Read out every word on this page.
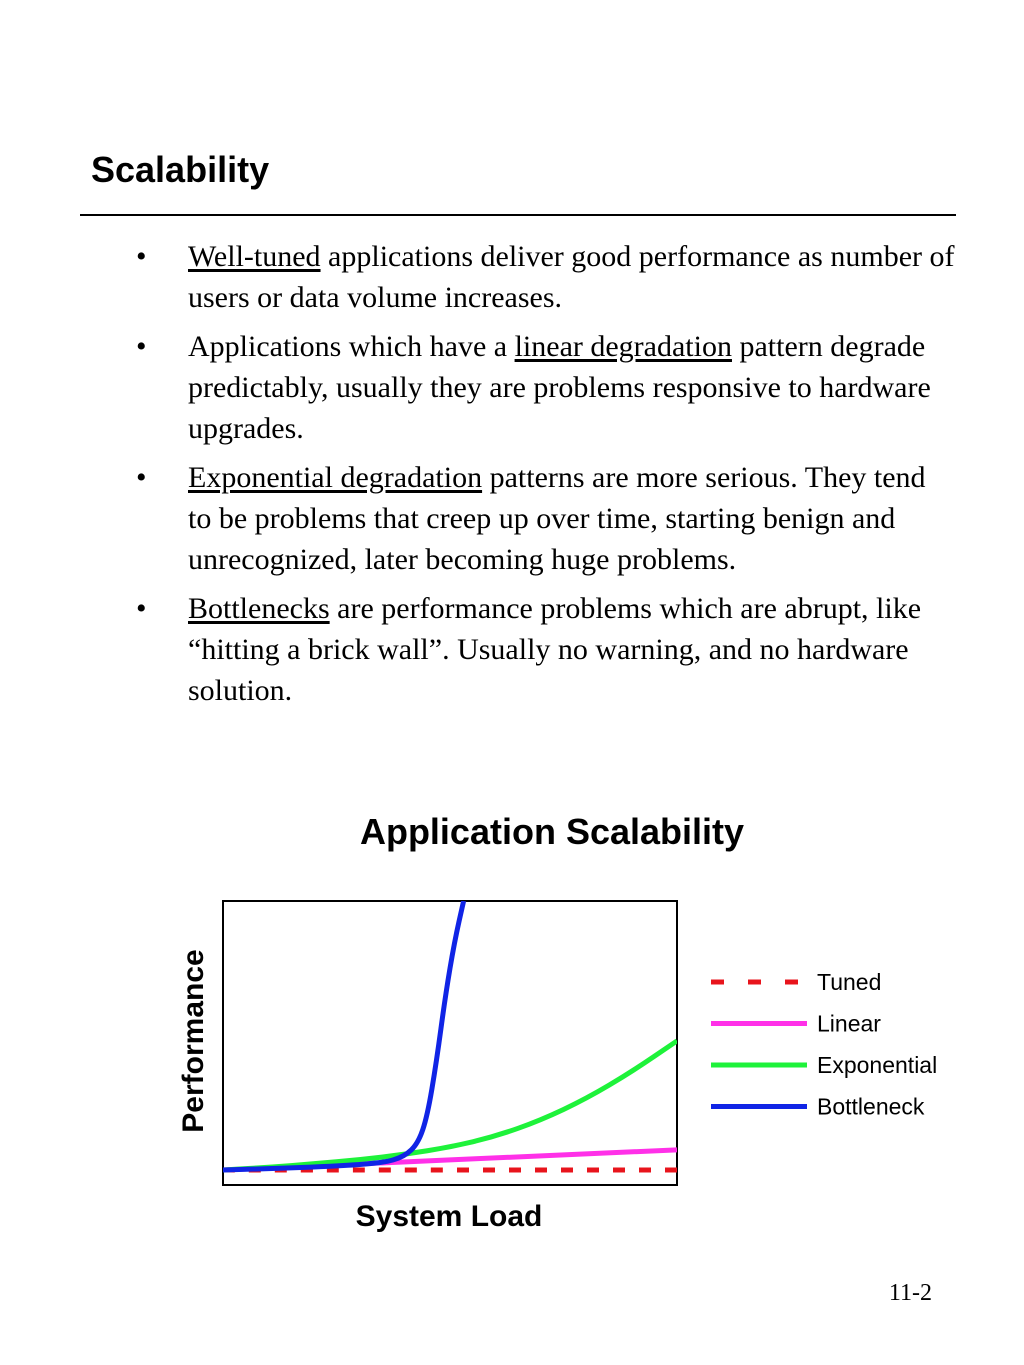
Scalability
• Well-tuned applications deliver good performance as number of users or data volume increases.
• Applications which have a linear degradation pattern degrade predictably, usually they are problems responsive to hardware upgrades.
• Exponential degradation patterns are more serious. They tend to be problems that creep up over time, starting benign and unrecognized, later becoming huge problems.
• Bottlenecks are performance problems which are abrupt, like “hitting a brick wall”. Usually no warning, and no hardware solution.
Application Scalability
System Load
Performance	Tuned
Linear
Exponential
Bottleneck
11-2
